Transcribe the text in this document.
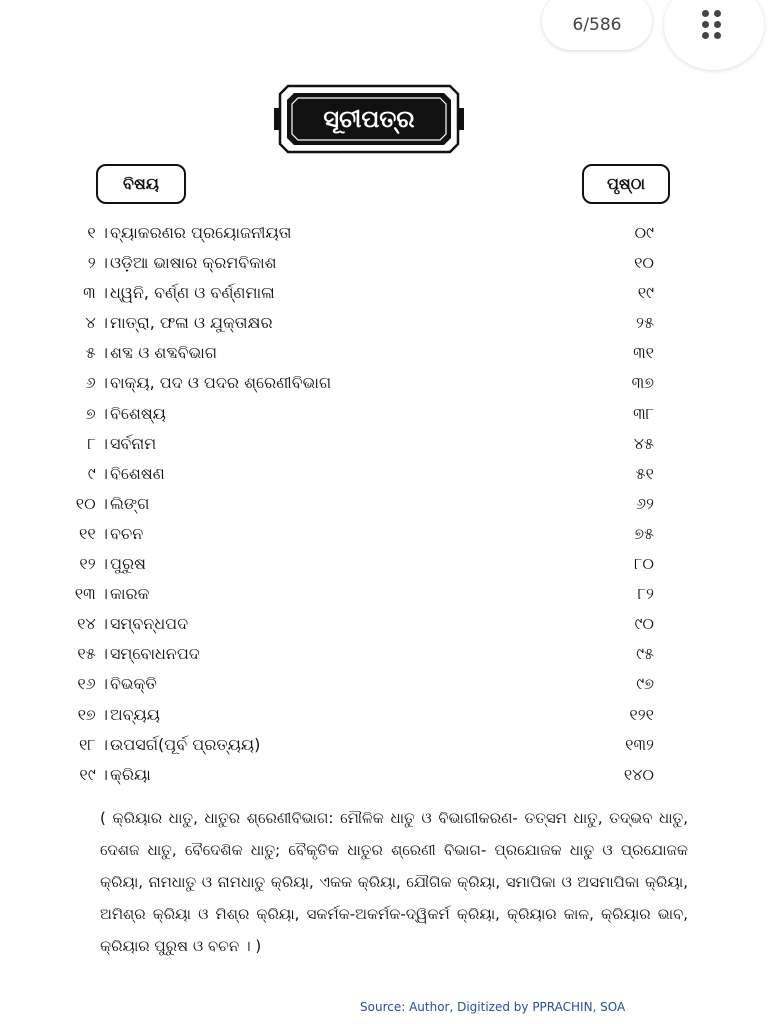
ସୂଚୀପତ୍ର
ବିଷୟ	ପୃଷ୍ଠା
୧ । ବ୍ୟାକରଣର ପ୍ରୟୋଜନୀୟତା	୦୯
୨ । ଓଡ଼ିଆ ଭାଷାର କ୍ରମବିକାଶ	୧୦
୩ । ଧ୍ୱନି, ବର୍ଣ୍ଣ ଓ ବର୍ଣ୍ଣମାଳା	୧୯
୪ । ମାତ୍ରା, ଫଳା ଓ ଯୁକ୍ତାକ୍ଷର	୨୫
୫ । ଶବ୍ଦ ଓ ଶବ୍ଦବିଭାଗ	୩୧
୬ । ବାକ୍ୟ, ପଦ ଓ ପଦର ଶ୍ରେଣୀବିଭାଗ	୩୭
୭ । ବିଶେଷ୍ୟ	୩୮
୮ । ସର୍ବନାମ	୪୫
୯ । ବିଶେଷଣ	୫୧
୧୦ । ଲିଙ୍ଗ	୬୨
୧୧ । ବଚନ	୭୫
୧୨ । ପୁରୁଷ	୮୦
୧୩ । କାରକ	୮୨
୧୪ । ସମ୍ବନ୍ଧପଦ	୯୦
୧୫ । ସମ୍ବୋଧନପଦ	୯୫
୧୬ । ବିଭକ୍ତି	୯୭
୧୭ । ଅବ୍ୟୟ	୧୨୧
୧୮ । ଉପସର୍ଗ(ପୂର୍ବ ପ୍ରତ୍ୟୟ)	୧୩୨
୧୯ । କ୍ରିୟା	୧୪୦
( କ୍ରିୟାର ଧାତୁ, ଧାତୁର ଶ୍ରେଣୀବିଭାଗ: ମୌଳିକ ଧାତୁ ଓ ବିଭାଗୀକରଣ- ତତ୍ସମ ଧାତୁ, ତଦ୍ଭବ ଧାତୁ, ଦେଶଜ ଧାତୁ, ବୈଦେଶିକ ଧାତୁ; ବୈକୃତିକ ଧାତୁର ଶ୍ରେଣୀ ବିଭାଗ- ପ୍ରଯୋଜକ ଧାତୁ ଓ ପ୍ରଯୋଜକ କ୍ରିୟା, ନାମଧାତୁ ଓ ନାମଧାତୁ କ୍ରିୟା, ଏକକ କ୍ରିୟା, ଯୌଗିକ କ୍ରିୟା, ସମାପିକା ଓ ଅସମାପିକା କ୍ରିୟା, ଅମିଶ୍ର କ୍ରିୟା ଓ ମିଶ୍ର କ୍ରିୟା, ସକର୍ମକ-ଅକର୍ମକ-ଦ୍ୱିକର୍ମ କ୍ରିୟା, କ୍ରିୟାର କାଳ, କ୍ରିୟାର ଭାବ, କ୍ରିୟାର ପୁରୁଷ ଓ ବଚନ । )
Source: Author, Digitized by PPRACHIN, SOA
6/586
